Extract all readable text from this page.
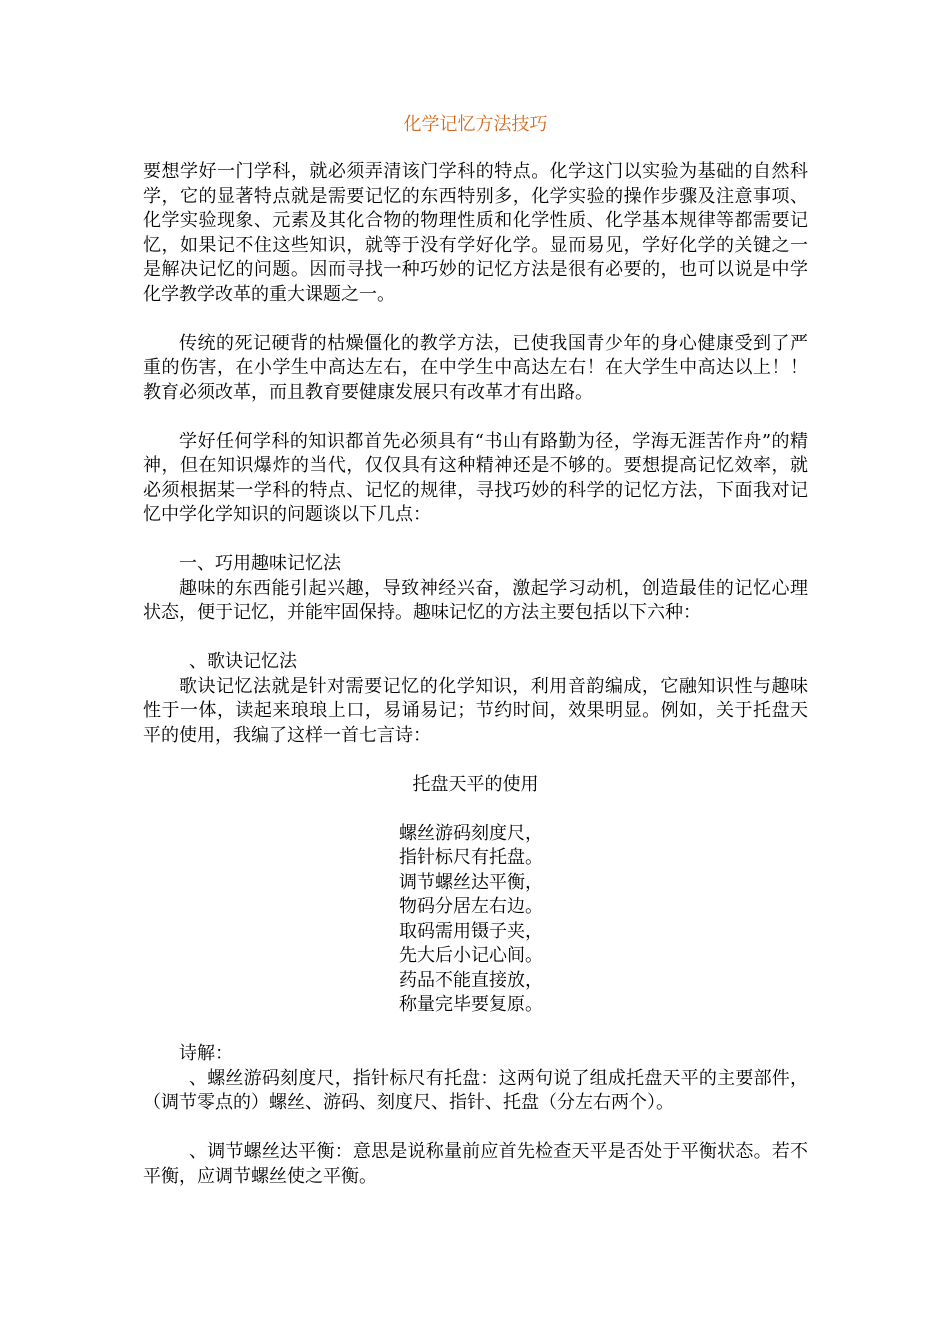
化学记忆方法技巧

要想学好一门学科，就必须弄清该门学科的特点。化学这门以实验为基础的自然科学，它的显著特点就是需要记忆的东西特别多，化学实验的操作步骤及注意事项、化学实验现象、元素及其化合物的物理性质和化学性质、化学基本规律等都需要记忆，如果记不住这些知识，就等于没有学好化学。显而易见，学好化学的关键之一是解决记忆的问题。因而寻找一种巧妙的记忆方法是很有必要的，也可以说是中学化学教学改革的重大课题之一。

传统的死记硬背的枯燥僵化的教学方法，已使我国青少年的身心健康受到了严重的伤害，在小学生中高达左右，在中学生中高达左右！在大学生中高达以上！！教育必须改革，而且教育要健康发展只有改革才有出路。

学好任何学科的知识都首先必须具有“书山有路勤为径，学海无涯苦作舟”的精神，但在知识爆炸的当代，仅仅具有这种精神还是不够的。要想提高记忆效率，就必须根据某一学科的特点、记忆的规律，寻找巧妙的科学的记忆方法，下面我对记忆中学化学知识的问题谈以下几点：

一、巧用趣味记忆法

趣味的东西能引起兴趣，导致神经兴奋，激起学习动机，创造最佳的记忆心理状态，便于记忆，并能牢固保持。趣味记忆的方法主要包括以下六种：

、歌诀记忆法

歌诀记忆法就是针对需要记忆的化学知识，利用音韵编成，它融知识性与趣味性于一体，读起来琅琅上口，易诵易记；节约时间，效果明显。例如，关于托盘天平的使用，我编了这样一首七言诗：

托盘天平的使用

螺丝游码刻度尺，
指针标尺有托盘。
调节螺丝达平衡，
物码分居左右边。
取码需用镊子夹，
先大后小记心间。
药品不能直接放，
称量完毕要复原。

诗解：

、螺丝游码刻度尺，指针标尺有托盘：这两句说了组成托盘天平的主要部件，（调节零点的）螺丝、游码、刻度尺、指针、托盘（分左右两个）。

、调节螺丝达平衡：意思是说称量前应首先检查天平是否处于平衡状态。若不平衡，应调节螺丝使之平衡。
